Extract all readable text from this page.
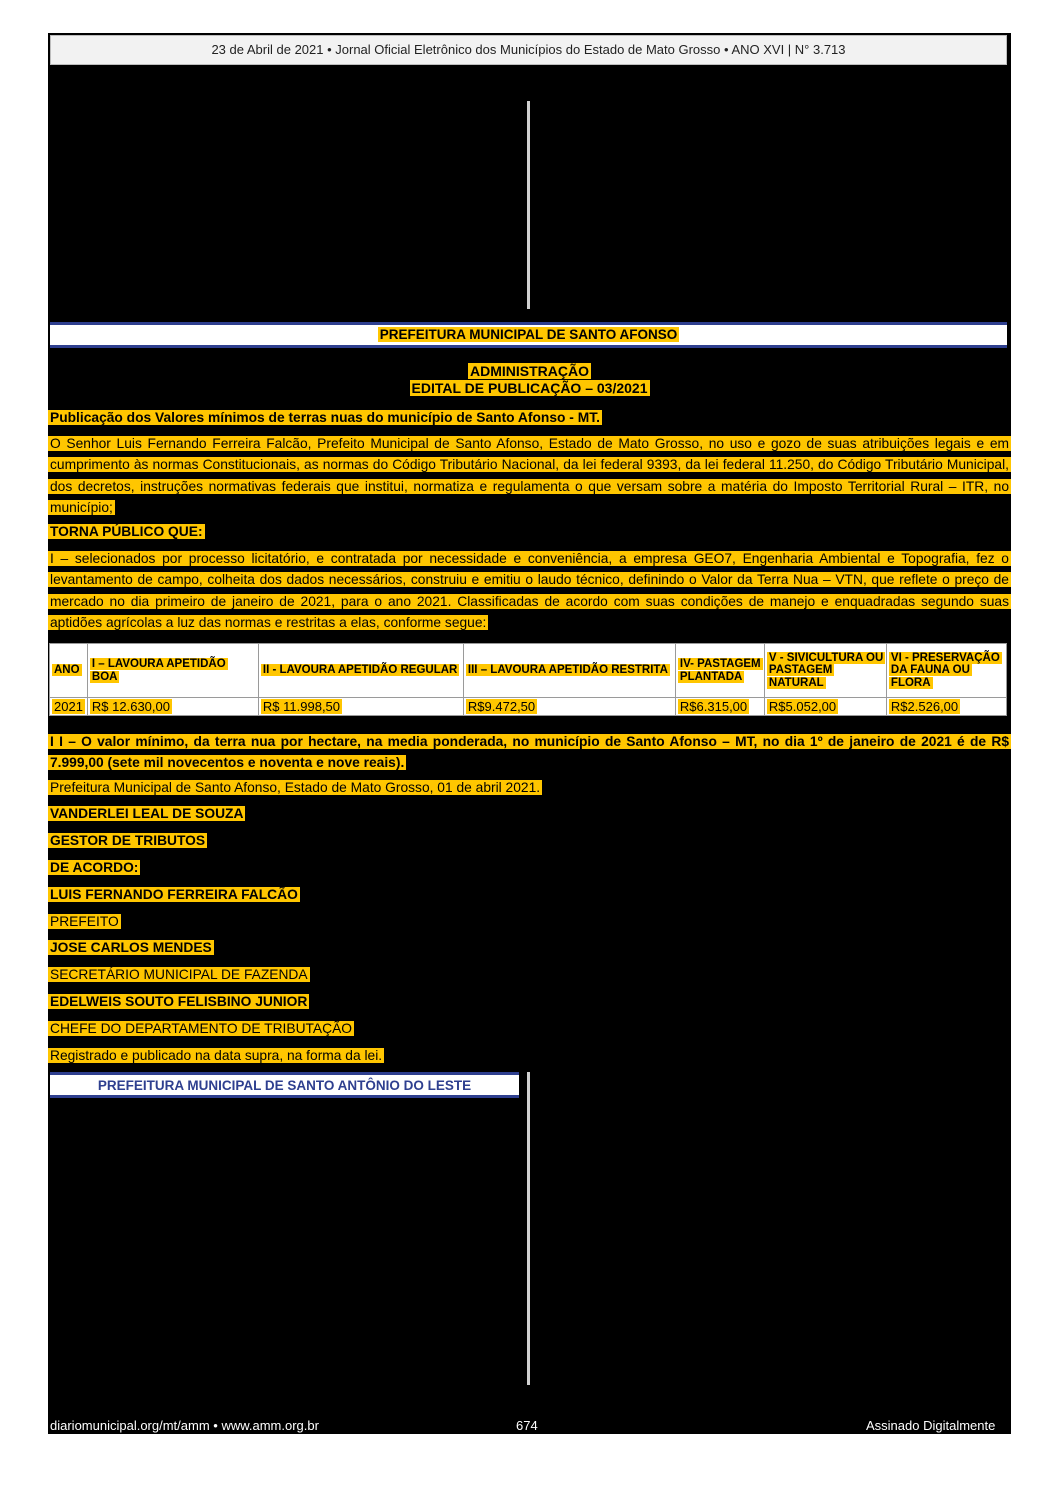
23 de Abril de 2021 • Jornal Oficial Eletrônico dos Municípios do Estado de Mato Grosso • ANO XVI | N° 3.713
PREFEITURA MUNICIPAL DE SANTO AFONSO
ADMINISTRAÇÃO
EDITAL DE PUBLICAÇÃO – 03/2021
Publicação dos Valores mínimos de terras nuas do município de Santo Afonso - MT.
O Senhor Luis Fernando Ferreira Falcão, Prefeito Municipal de Santo Afonso, Estado de Mato Grosso, no uso e gozo de suas atribuições legais e em cumprimento às normas Constitucionais, as normas do Código Tributário Nacional, da lei federal 9393, da lei federal 11.250, do Código Tributário Municipal, dos decretos, instruções normativas federais que institui, normatiza e regulamenta o que versam sobre a matéria do Imposto Territorial Rural – ITR, no município;
TORNA PÚBLICO QUE:
I – selecionados por processo licitatório, e contratada por necessidade e conveniência, a empresa GEO7, Engenharia Ambiental e Topografia, fez o levantamento de campo, colheita dos dados necessários, construiu e emitiu o laudo técnico, definindo o Valor da Terra Nua – VTN, que reflete o preço de mercado no dia primeiro de janeiro de 2021, para o ano 2021. Classificadas de acordo com suas condições de manejo e enquadradas segundo suas aptidões agrícolas a luz das normas e restritas a elas, conforme segue:
ANO	I – LAVOURA APETIDÃO BOA	II - LAVOURA APETIDÃO REGULAR	III – LAVOURA APETIDÃO RESTRITA	IV- PASTAGEM PLANTADA	V - SIVICULTURA OU PASTAGEM NATURAL	VI - PRESERVAÇÃO DA FAUNA OU FLORA
2021	R$ 12.630,00	R$ 11.998,50	R$9.472,50	R$6.315,00	R$5.052,00	R$2.526,00
I I – O valor mínimo, da terra nua por hectare, na media ponderada, no município de Santo Afonso – MT, no dia 1º de janeiro de 2021 é de R$ 7.999,00 (sete mil novecentos e noventa e nove reais).
Prefeitura Municipal de Santo Afonso, Estado de Mato Grosso, 01 de abril 2021.
VANDERLEI LEAL DE SOUZA
GESTOR DE TRIBUTOS
DE ACORDO:
LUIS FERNANDO FERREIRA FALCÃO
PREFEITO
JOSE CARLOS MENDES
SECRETÁRIO MUNICIPAL DE FAZENDA
EDELWEIS SOUTO FELISBINO JUNIOR
CHEFE DO DEPARTAMENTO DE TRIBUTAÇÃO
Registrado e publicado na data supra, na forma da lei.
PREFEITURA MUNICIPAL DE SANTO ANTÔNIO DO LESTE
diariomunicipal.org/mt/amm • www.amm.org.br	674	Assinado Digitalmente
